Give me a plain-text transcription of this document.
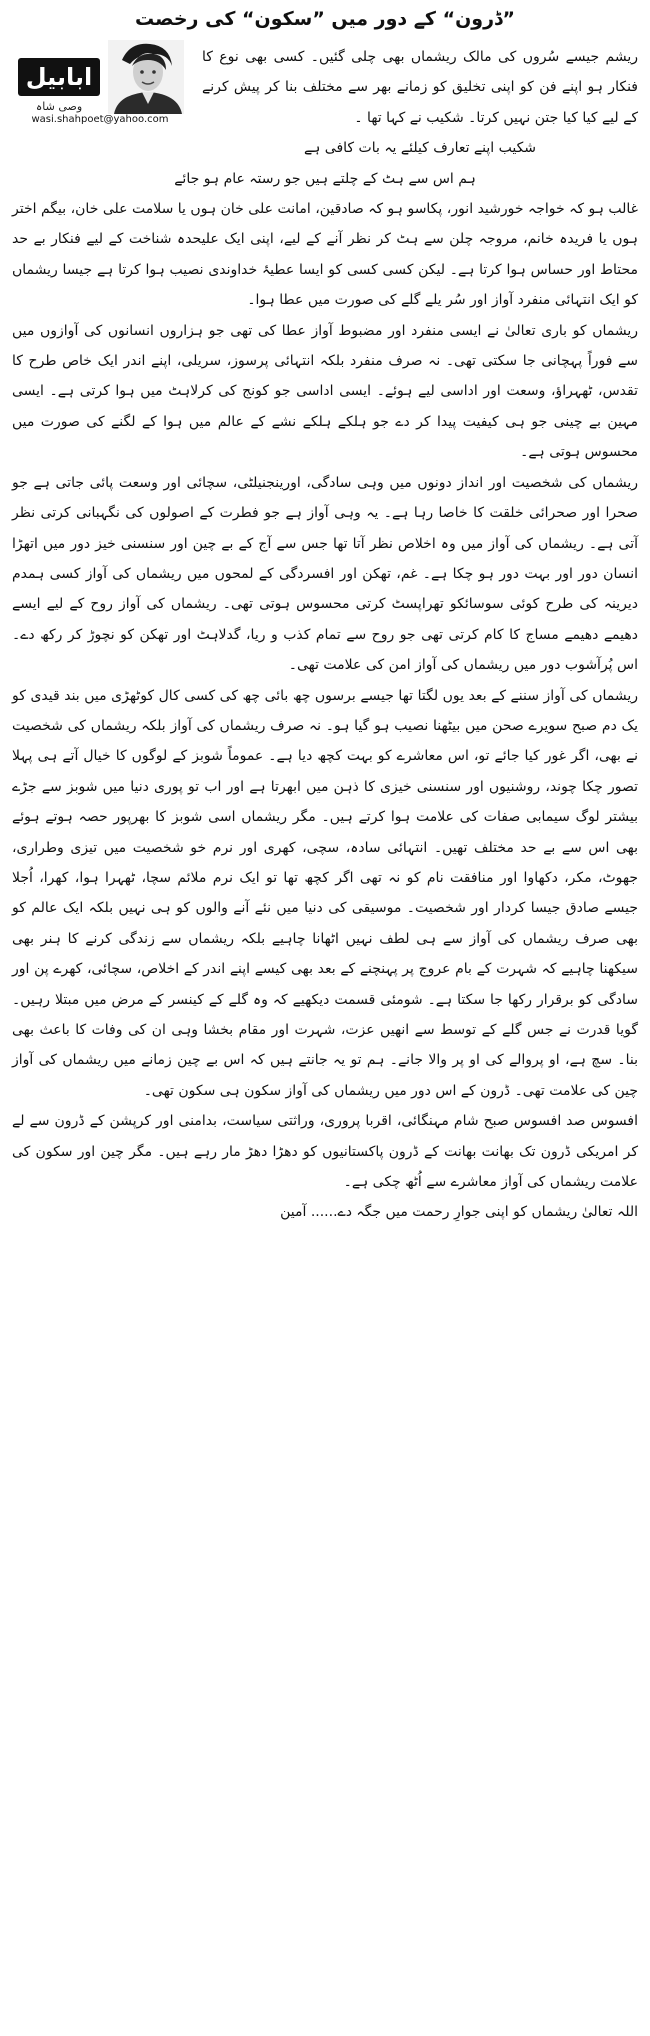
”ڈرون“ کے دور میں ”سکون“ کی رخصت
ابابیل
وصی شاہ
wasi.shahpoet@yahoo.com

ریشم جیسے سُروں کی مالک ریشماں بھی چلی گئیں۔ کسی بھی نوع کا فنکار ہو اپنے فن کو اپنی تخلیق کو زمانے بھر سے مختلف بنا کر پیش کرنے کے لیے کیا کیا جتن نہیں کرتا۔ شکیب نے کہا تھا ۔

شکیب اپنے تعارف کیلئے یہ بات کافی ہے
ہم اس سے ہٹ کے چلتے ہیں جو رستہ عام ہو جائے

غالب ہو کہ خواجہ خورشید انور، پکاسو ہو کہ صادقین، امانت علی خان ہوں یا سلامت علی خان، بیگم اختر ہوں یا فریدہ خانم، مروجہ چلن سے ہٹ کر نظر آنے کے لیے، اپنی ایک علیحدہ شناخت کے لیے فنکار بے حد محتاط اور حساس ہوا کرتا ہے۔ لیکن کسی کسی کو ایسا عطیۂ خداوندی نصیب ہوا کرتا ہے جیسا ریشماں کو ایک انتہائی منفرد آواز اور سُر یلے گلے کی صورت میں عطا ہوا۔

ریشماں کو باری تعالیٰ نے ایسی منفرد اور مضبوط آواز عطا کی تھی جو ہزاروں انسانوں کی آوازوں میں سے فوراً پہچانی جا سکتی تھی۔ نہ صرف منفرد بلکہ انتہائی پرسوز، سریلی، اپنے اندر ایک خاص طرح کا تقدس، ٹھہراؤ، وسعت اور اداسی لیے ہوئے۔ ایسی اداسی جو کونج کی کرلاہٹ میں ہوا کرتی ہے۔ ایسی مہین بے چینی جو ہی کیفیت پیدا کر دے جو ہلکے ہلکے نشے کے عالم میں ہوا کے لگنے کی صورت میں محسوس ہوتی ہے۔

ریشماں کی شخصیت اور انداز دونوں میں وہی سادگی، اورینجنیلٹی، سچائی اور وسعت پائی جاتی ہے جو صحرا اور صحرائی خلقت کا خاصا رہا ہے۔ یہ وہی آواز ہے جو فطرت کے اصولوں کی نگہبانی کرتی نظر آتی ہے۔ ریشماں کی آواز میں وہ اخلاص نظر آتا تھا جس سے آج کے بے چین اور سنسنی خیز دور میں اتھڑا انسان دور اور بہت دور ہو چکا ہے۔ غم، تھکن اور افسردگی کے لمحوں میں ریشماں کی آواز کسی ہمدم دیرینہ کی طرح کوئی سوسائکو تھراپسٹ کرتی محسوس ہوتی تھی۔ ریشماں کی آواز روح کے لیے ایسے دھیمے دھیمے مساج کا کام کرتی تھی جو روح سے تمام کذب و ریا، گدلاہٹ اور تھکن کو نچوڑ کر رکھ دے۔ اس پُرآشوب دور میں ریشماں کی آواز امن کی علامت تھی۔

ریشماں کی آواز سننے کے بعد یوں لگتا تھا جیسے برسوں چھ بائی چھ کی کسی کال کوٹھڑی میں بند قیدی کو یک دم صبح سویرے صحن میں بیٹھنا نصیب ہو گیا ہو۔ نہ صرف ریشماں کی آواز بلکہ ریشماں کی شخصیت نے بھی، اگر غور کیا جائے تو، اس معاشرے کو بہت کچھ دیا ہے۔ عموماً شوبز کے لوگوں کا خیال آتے ہی پہلا تصور چکا چوند، روشنیوں اور سنسنی خیزی کا ذہن میں ابھرتا ہے اور اب تو پوری دنیا میں شوبز سے جڑے بیشتر لوگ سیمابی صفات کی علامت ہوا کرتے ہیں۔ مگر ریشماں اسی شوبز کا بھرپور حصہ ہوتے ہوئے بھی اس سے بے حد مختلف تھیں۔ انتہائی سادہ، سچی، کھری اور نرم خو شخصیت میں تیزی وطراری، جھوٹ، مکر، دکھاوا اور منافقت نام کو نہ تھی اگر کچھ تھا تو ایک نرم ملائم سچا، ٹھہرا ہوا، کھرا، اُجلا جیسے صادق جیسا کردار اور شخصیت۔ موسیقی کی دنیا میں نئے آنے والوں کو ہی نہیں بلکہ ایک عالم کو بھی صرف ریشماں کی آواز سے ہی لطف نہیں اٹھانا چاہیے بلکہ ریشماں سے زندگی کرنے کا ہنر بھی سیکھنا چاہیے کہ شہرت کے بام عروج پر پہنچنے کے بعد بھی کیسے اپنے اندر کے اخلاص، سچائی، کھرے پن اور سادگی کو برقرار رکھا جا سکتا ہے۔ شومئی قسمت دیکھیے کہ وہ گلے کے کینسر کے مرض میں مبتلا رہیں۔ گویا قدرت نے جس گلے کے توسط سے انھیں عزت، شہرت اور مقام بخشا وہی ان کی وفات کا باعث بھی بنا۔ سچ ہے، او پروالے کی او پر والا جانے۔ ہم تو یہ جانتے ہیں کہ اس بے چین زمانے میں ریشماں کی آواز چین کی علامت تھی۔ ڈرون کے اس دور میں ریشماں کی آواز سکون ہی سکون تھی۔

افسوس صد افسوس صبح شام مہنگائی، اقربا پروری، وراثتی سیاست، بدامنی اور کرپشن کے ڈرون سے لے کر امریکی ڈرون تک بھانت بھانت کے ڈرون پاکستانیوں کو دھڑا دھڑ مار رہے ہیں۔ مگر چین اور سکون کی علامت ریشماں کی آواز معاشرے سے اُٹھ چکی ہے۔

اللہ تعالیٰ ریشماں کو اپنی جوارِ رحمت میں جگہ دے...... آمین
